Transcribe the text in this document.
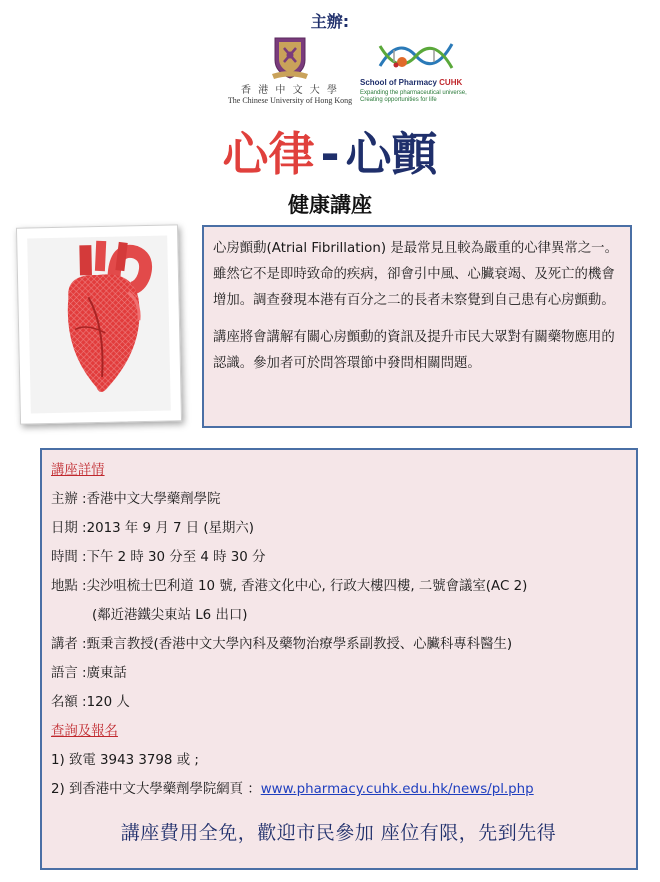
主辦:
香 港 中 文 大 學
The Chinese University of Hong Kong
School of Pharmacy CUHK
Expanding the pharmaceutical universe,
Creating opportunities for life
心律 - 心顫
健康講座

心房顫動(Atrial Fibrillation) 是最常見且較為嚴重的心律異常之一。 雖然它不是即時致命的疾病，卻會引中風、心臟衰竭、及死亡的機會增加。調查發現本港有百分之二的長者未察覺到自己患有心房顫動。

講座將會講解有關心房顫動的資訊及提升市民大眾對有關藥物應用的認識。參加者可於問答環節中發問相關問題。

講座詳情
主辦 :香港中文大學藥劑學院
日期 :2013 年 9 月 7 日 (星期六)
時間 :下午 2 時 30 分至 4 時 30 分
地點 :尖沙咀梳士巴利道 10 號, 香港文化中心, 行政大樓四樓, 二號會議室(AC 2)
(鄰近港鐵尖東站 L6 出口)
講者 :甄秉言教授(香港中文大學內科及藥物治療學系副教授、心臟科專科醫生)
語言 :廣東話
名額 :120 人
查詢及報名
1) 致電 3943 3798 或 ;
2) 到香港中文大學藥劑學院網頁 ：www.pharmacy.cuhk.edu.hk/news/pl.php
講座費用全免，歡迎市民參加 座位有限，先到先得
